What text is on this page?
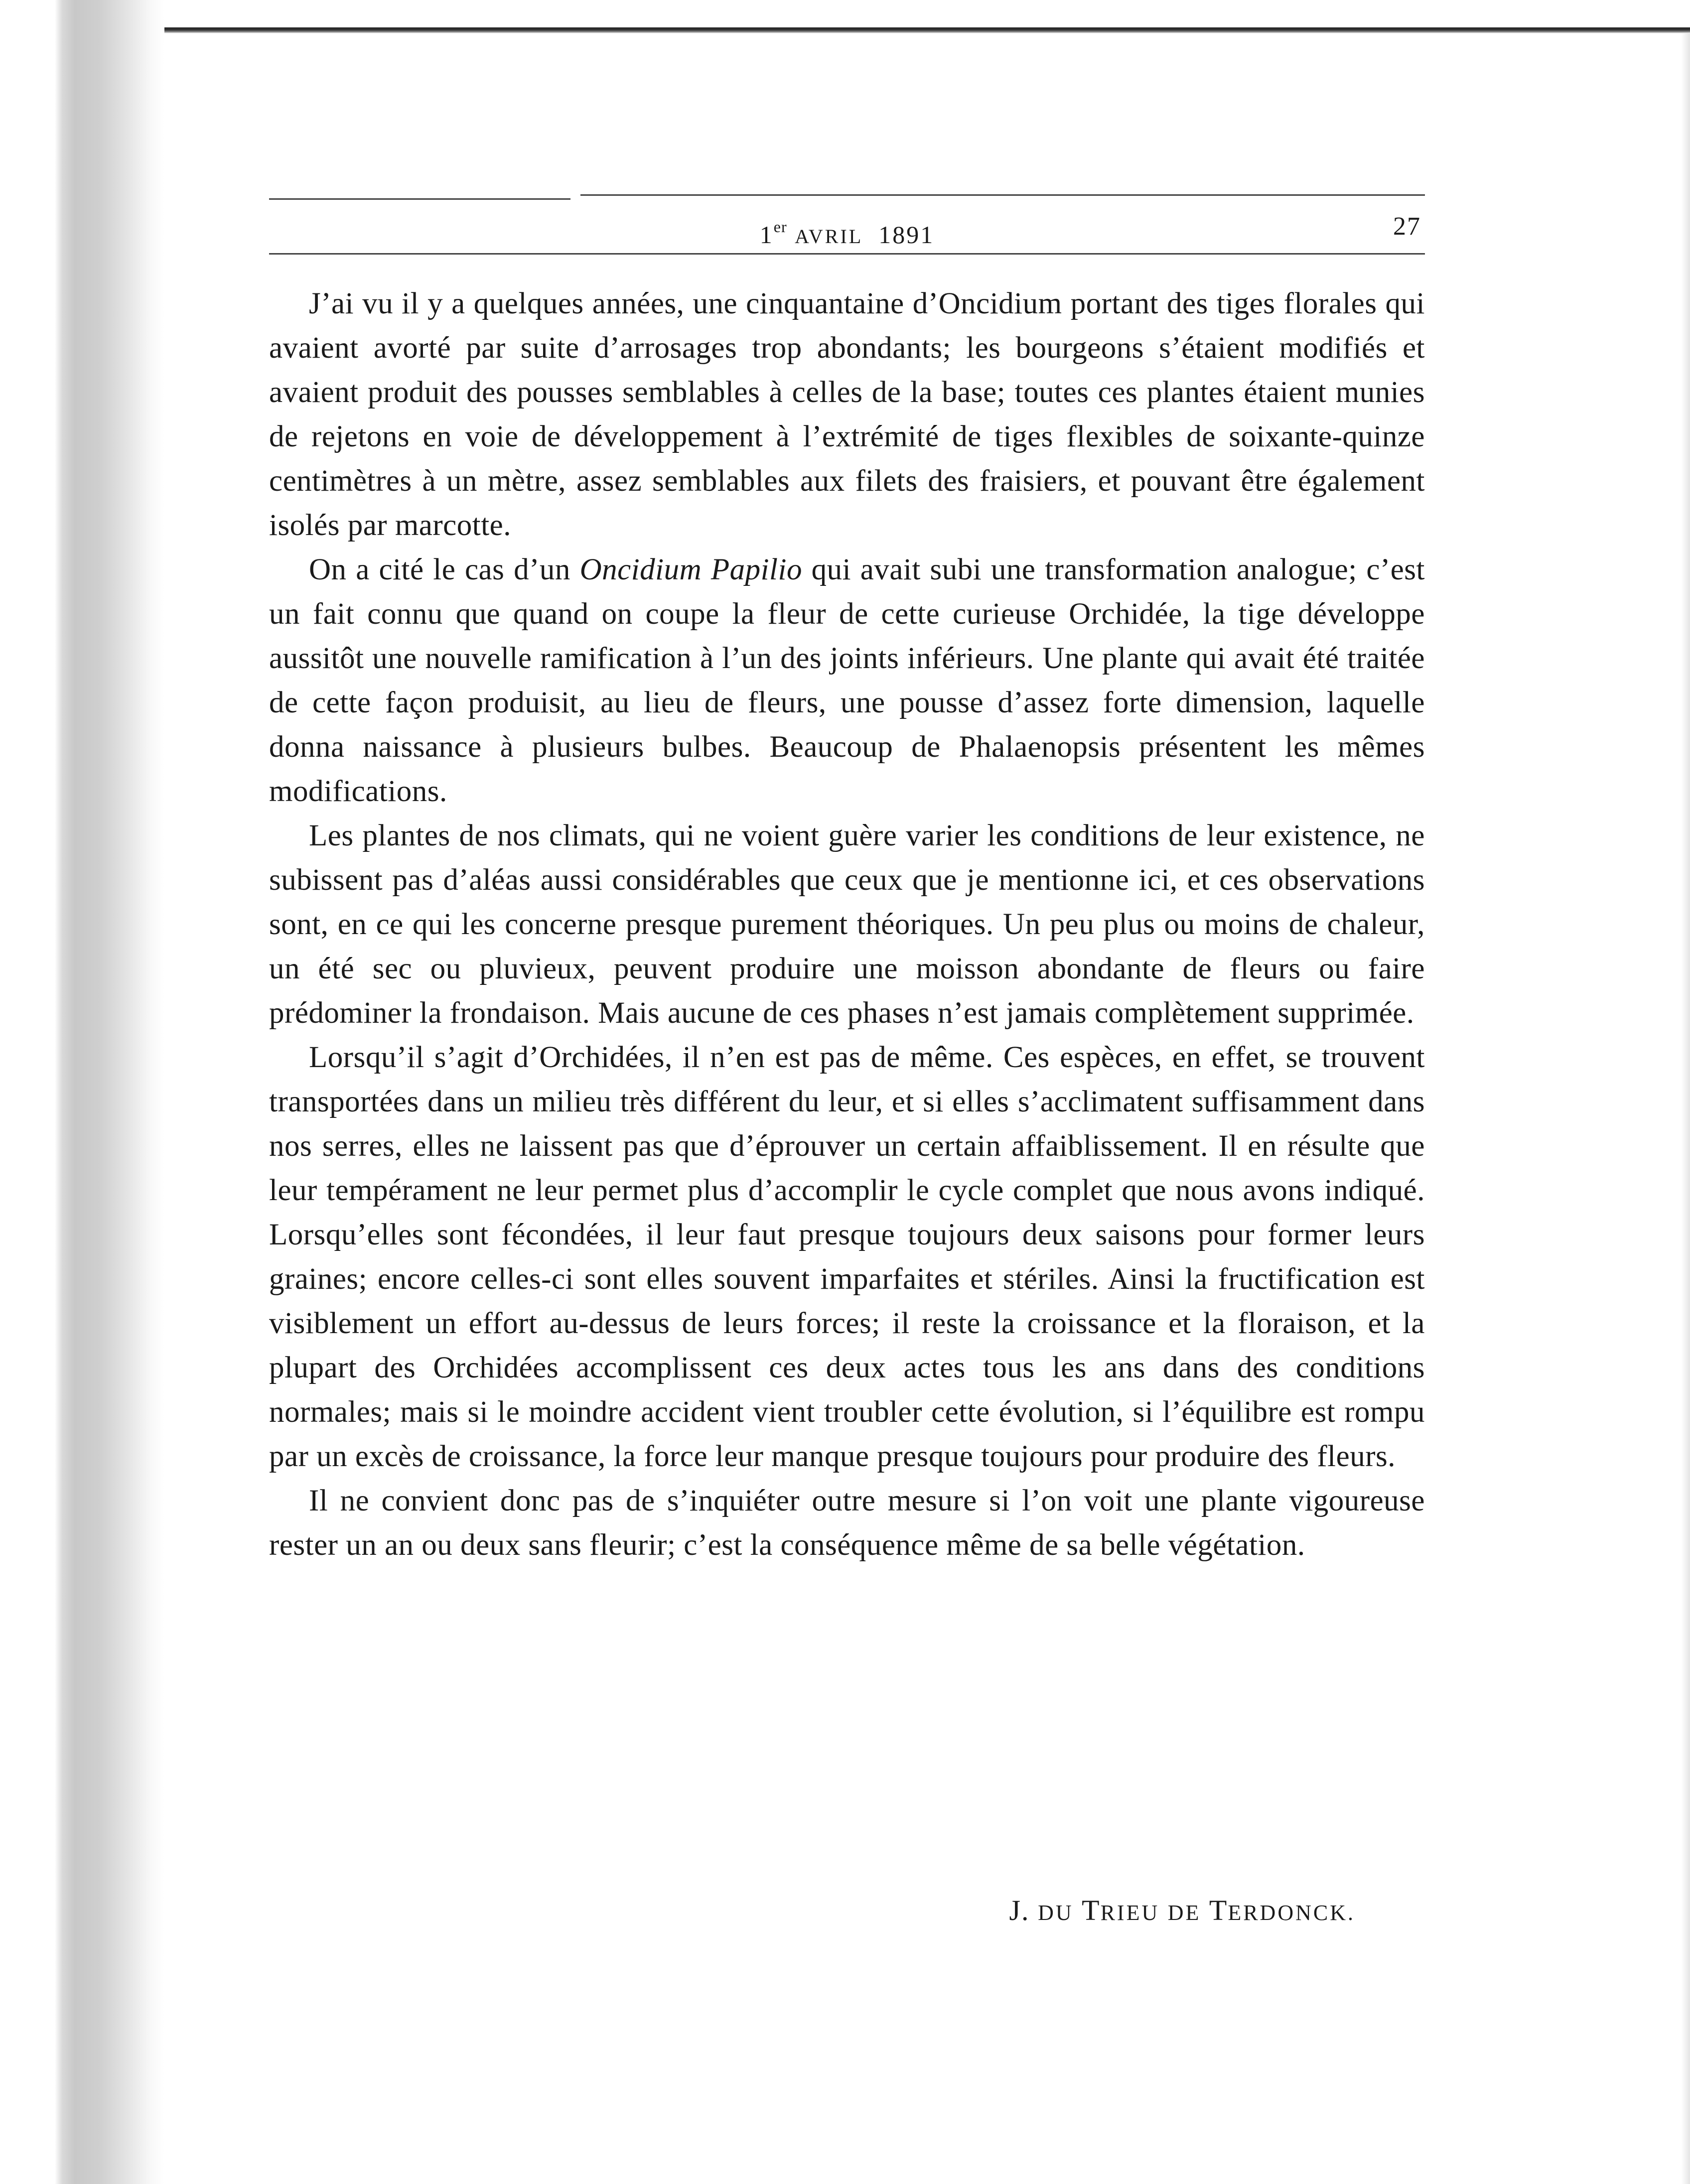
1er AVRIL 1891	27

J’ai vu il y a quelques années, une cinquantaine d’Oncidium portant des tiges florales qui avaient avorté par suite d’arrosages trop abondants; les bourgeons s’étaient modifiés et avaient produit des pousses semblables à celles de la base; toutes ces plantes étaient munies de rejetons en voie de développement à l’extrémité de tiges flexibles de soixante-quinze centimètres à un mètre, assez semblables aux filets des fraisiers, et pouvant être également isolés par marcotte.

On a cité le cas d’un Oncidium Papilio qui avait subi une transformation analogue; c’est un fait connu que quand on coupe la fleur de cette curieuse Orchidée, la tige développe aussitôt une nouvelle ramification à l’un des joints inférieurs. Une plante qui avait été traitée de cette façon produisit, au lieu de fleurs, une pousse d’assez forte dimension, laquelle donna naissance à plusieurs bulbes. Beaucoup de Phalaenopsis présentent les mêmes modifications.

Les plantes de nos climats, qui ne voient guère varier les conditions de leur existence, ne subissent pas d’aléas aussi considérables que ceux que je mentionne ici, et ces observations sont, en ce qui les concerne presque purement théoriques. Un peu plus ou moins de chaleur, un été sec ou pluvieux, peuvent produire une moisson abondante de fleurs ou faire prédominer la frondaison. Mais aucune de ces phases n’est jamais complètement supprimée.

Lorsqu’il s’agit d’Orchidées, il n’en est pas de même. Ces espèces, en effet, se trouvent transportées dans un milieu très différent du leur, et si elles s’acclimatent suffisamment dans nos serres, elles ne laissent pas que d’éprouver un certain affaiblissement. Il en résulte que leur tempérament ne leur permet plus d’accomplir le cycle complet que nous avons indiqué. Lorsqu’elles sont fécondées, il leur faut presque toujours deux saisons pour former leurs graines; encore celles-ci sont elles souvent imparfaites et stériles. Ainsi la fructification est visiblement un effort au-dessus de leurs forces; il reste la croissance et la floraison, et la plupart des Orchidées accomplissent ces deux actes tous les ans dans des conditions normales; mais si le moindre accident vient troubler cette évolution, si l’équilibre est rompu par un excès de croissance, la force leur manque presque toujours pour produire des fleurs.

Il ne convient donc pas de s’inquiéter outre mesure si l’on voit une plante vigoureuse rester un an ou deux sans fleurir; c’est la conséquence même de sa belle végétation.

J. DU TRIEU DE TERDONCK.
